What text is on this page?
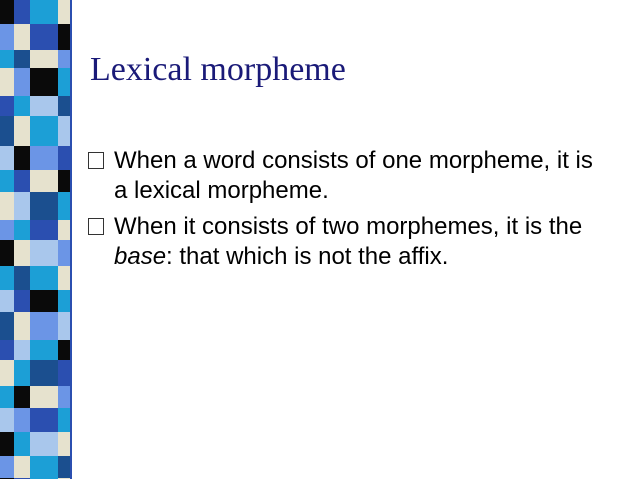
Lexical morpheme
When a word consists of one morpheme, it is a lexical morpheme.
When it consists of two morphemes, it is the base: that which is not the affix.
